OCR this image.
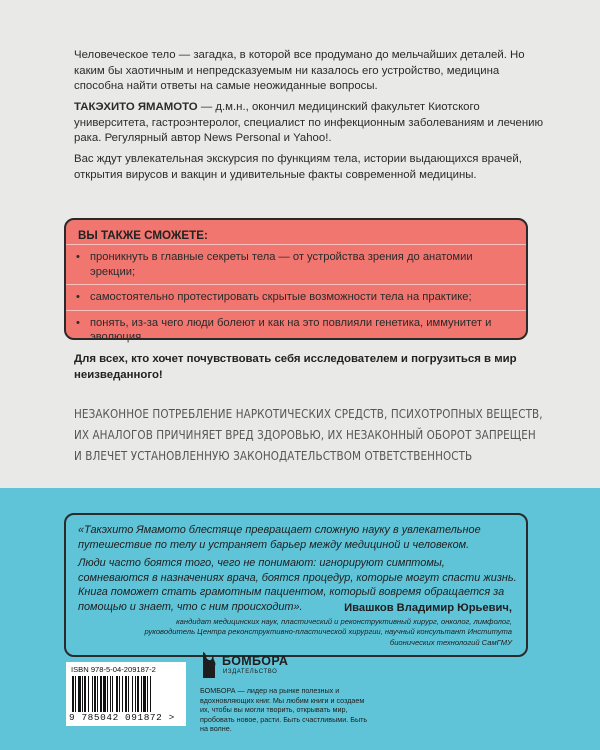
Человеческое тело — загадка, в которой все продумано до мельчайших деталей. Но каким бы хаотичным и непредсказуемым ни казалось его устройство, медицина способна найти ответы на самые неожиданные вопросы.

ТАКЭХИТО ЯМАМОТО — д.м.н., окончил медицинский факультет Киотского университета, гастроэнтеролог, специалист по инфекционным заболеваниям и лечению рака. Регулярный автор News Personal и Yahoo!.

Вас ждут увлекательная экскурсия по функциям тела, истории выдающихся врачей, открытия вирусов и вакцин и удивительные факты современной медицины.

ВЫ ТАКЖЕ СМОЖЕТЕ:
• проникнуть в главные секреты тела — от устройства зрения до анатомии эрекции;
• самостоятельно протестировать скрытые возможности тела на практике;
• понять, из-за чего люди болеют и как на это повлияли генетика, иммунитет и эволюция.

Для всех, кто хочет почувствовать себя исследователем и погрузиться в мир неизведанного!

НЕЗАКОННОЕ ПОТРЕБЛЕНИЕ НАРКОТИЧЕСКИХ СРЕДСТВ, ПСИХОТРОПНЫХ ВЕЩЕСТВ, ИХ АНАЛОГОВ ПРИЧИНЯЕТ ВРЕД ЗДОРОВЬЮ, ИХ НЕЗАКОННЫЙ ОБОРОТ ЗАПРЕЩЕН И ВЛЕЧЕТ УСТАНОВЛЕННУЮ ЗАКОНОДАТЕЛЬСТВОМ ОТВЕТСТВЕННОСТЬ

«Такэхито Ямамото блестяще превращает сложную науку в увлекательное путешествие по телу и устраняет барьер между медициной и человеком.

Люди часто боятся того, чего не понимают: игнорируют симптомы, сомневаются в назначениях врача, боятся процедур, которые могут спасти жизнь. Книга поможет стать грамотным пациентом, который вовремя обращается за помощью и знает, что с ним происходит».	Ивашков Владимир Юрьевич,

кандидат медицинских наук, пластический и реконструктивный хирург, онколог, лимфолог, руководитель Центра реконструктивно-пластической хирургии, научный консультант Института бионических технологий СамГМУ

ISBN 978-5-04-209187-2
9 785042 091872 >
БОМБОРА
ИЗДАТЕЛЬСТВО

БОМБОРА — лидер на рынке полезных и вдохновляющих книг. Мы любим книги и создаем их, чтобы вы могли творить, открывать мир, пробовать новое, расти. Быть счастливыми. Быть на волне.
